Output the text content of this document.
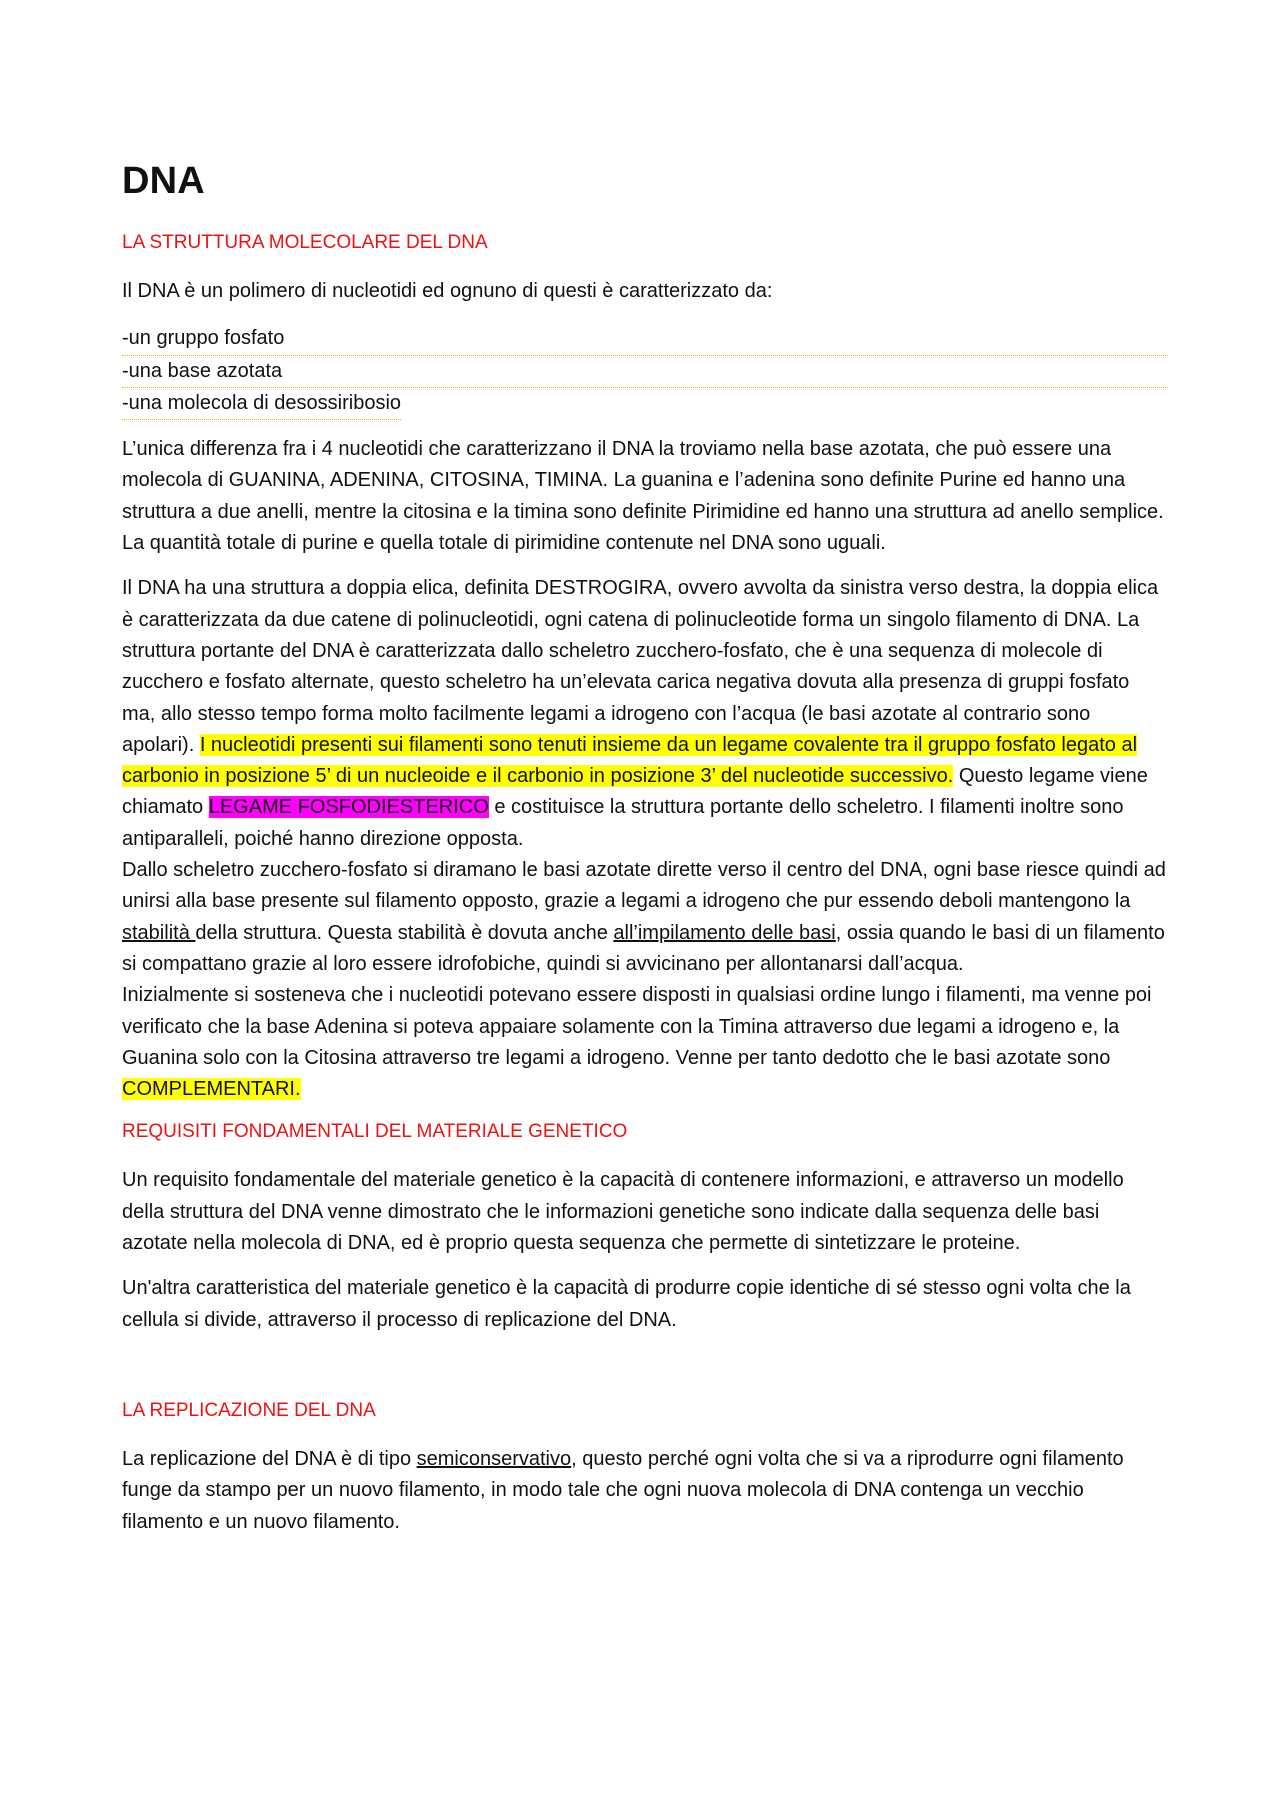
DNA
LA STRUTTURA MOLECOLARE DEL DNA

Il DNA è un polimero di nucleotidi ed ognuno di questi è caratterizzato da:

-un gruppo fosfato
-una base azotata
-una molecola di desossiribosio

L’unica differenza fra i 4 nucleotidi che caratterizzano il DNA la troviamo nella base azotata, che può essere una molecola di GUANINA, ADENINA, CITOSINA, TIMINA. La guanina e l’adenina sono definite Purine ed hanno una struttura a due anelli, mentre la citosina e la timina sono definite Pirimidine ed hanno una struttura ad anello semplice. La quantità totale di purine e quella totale di pirimidine contenute nel DNA sono uguali.

Il DNA ha una struttura a doppia elica, definita DESTROGIRA, ovvero avvolta da sinistra verso destra, la doppia elica è caratterizzata da due catene di polinucleotidi, ogni catena di polinucleotide forma un singolo filamento di DNA. La struttura portante del DNA è caratterizzata dallo scheletro zucchero-fosfato, che è una sequenza di molecole di zucchero e fosfato alternate, questo scheletro ha un’elevata carica negativa dovuta alla presenza di gruppi fosfato ma, allo stesso tempo forma molto facilmente legami a idrogeno con l’acqua (le basi azotate al contrario sono apolari). I nucleotidi presenti sui filamenti sono tenuti insieme da un legame covalente tra il gruppo fosfato legato al carbonio in posizione 5’ di un nucleoide e il carbonio in posizione 3’ del nucleotide successivo. Questo legame viene chiamato LEGAME FOSFODIESTERICO e costituisce la struttura portante dello scheletro. I filamenti inoltre sono antiparalleli, poiché hanno direzione opposta.

Dallo scheletro zucchero-fosfato si diramano le basi azotate dirette verso il centro del DNA, ogni base riesce quindi ad unirsi alla base presente sul filamento opposto, grazie a legami a idrogeno che pur essendo deboli mantengono la stabilità della struttura. Questa stabilità è dovuta anche all’impilamento delle basi, ossia quando le basi di un filamento si compattano grazie al loro essere idrofobiche, quindi si avvicinano per allontanarsi dall’acqua.

Inizialmente si sosteneva che i nucleotidi potevano essere disposti in qualsiasi ordine lungo i filamenti, ma venne poi verificato che la base Adenina si poteva appaiare solamente con la Timina attraverso due legami a idrogeno e, la Guanina solo con la Citosina attraverso tre legami a idrogeno. Venne per tanto dedotto che le basi azotate sono COMPLEMENTARI.

REQUISITI FONDAMENTALI DEL MATERIALE GENETICO

Un requisito fondamentale del materiale genetico è la capacità di contenere informazioni, e attraverso un modello della struttura del DNA venne dimostrato che le informazioni genetiche sono indicate dalla sequenza delle basi azotate nella molecola di DNA, ed è proprio questa sequenza che permette di sintetizzare le proteine.

Un'altra caratteristica del materiale genetico è la capacità di produrre copie identiche di sé stesso ogni volta che la cellula si divide, attraverso il processo di replicazione del DNA.

LA REPLICAZIONE DEL DNA

La replicazione del DNA è di tipo semiconservativo, questo perché ogni volta che si va a riprodurre ogni filamento funge da stampo per un nuovo filamento, in modo tale che ogni nuova molecola di DNA contenga un vecchio filamento e un nuovo filamento.
